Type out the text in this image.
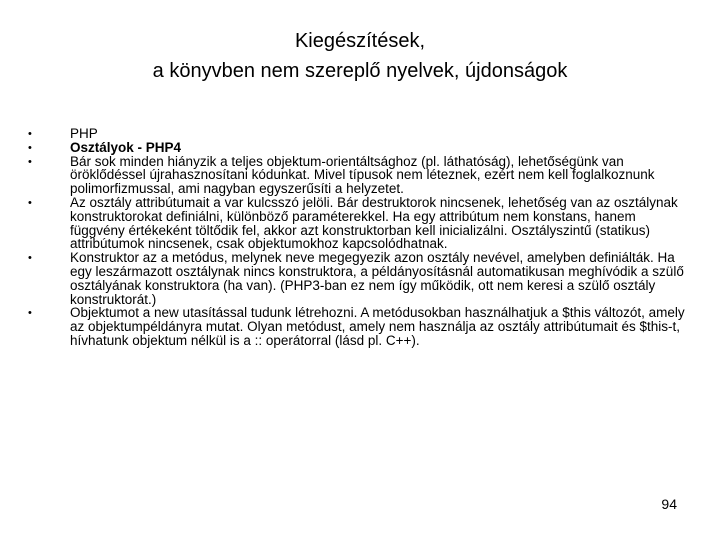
Kiegészítések,
a könyvben nem szereplő nyelvek, újdonságok
•	PHP
•	Osztályok - PHP4
•	Bár sok minden hiányzik a teljes objektum-orientáltsághoz (pl. láthatóság), lehetőségünk van öröklődéssel újrahasznosítani kódunkat. Mivel típusok nem léteznek, ezért nem kell foglalkoznunk polimorfizmussal, ami nagyban egyszerűsíti a helyzetet.
•	Az osztály attribútumait a var kulcsszó jelöli. Bár destruktorok nincsenek, lehetőség van az osztálynak konstruktorokat definiálni, különböző paraméterekkel. Ha egy attribútum nem konstans, hanem függvény értékeként töltődik fel, akkor azt konstruktorban kell inicializálni. Osztályszintű (statikus) attribútumok nincsenek, csak objektumokhoz kapcsolódhatnak.
•	Konstruktor az a metódus, melynek neve megegyezik azon osztály nevével, amelyben definiálták. Ha egy leszármazott osztálynak nincs konstruktora, a példányosításnál automatikusan meghívódik a szülő osztályának konstruktora (ha van). (PHP3-ban ez nem így működik, ott nem keresi a szülő osztály konstruktorát.)
•	Objektumot a new utasítással tudunk létrehozni. A metódusokban használhatjuk a $this változót, amely az objektumpéldányra mutat. Olyan metódust, amely nem használja az osztály attribútumait és $this-t, hívhatunk objektum nélkül is a :: operátorral (lásd pl. C++).
94
